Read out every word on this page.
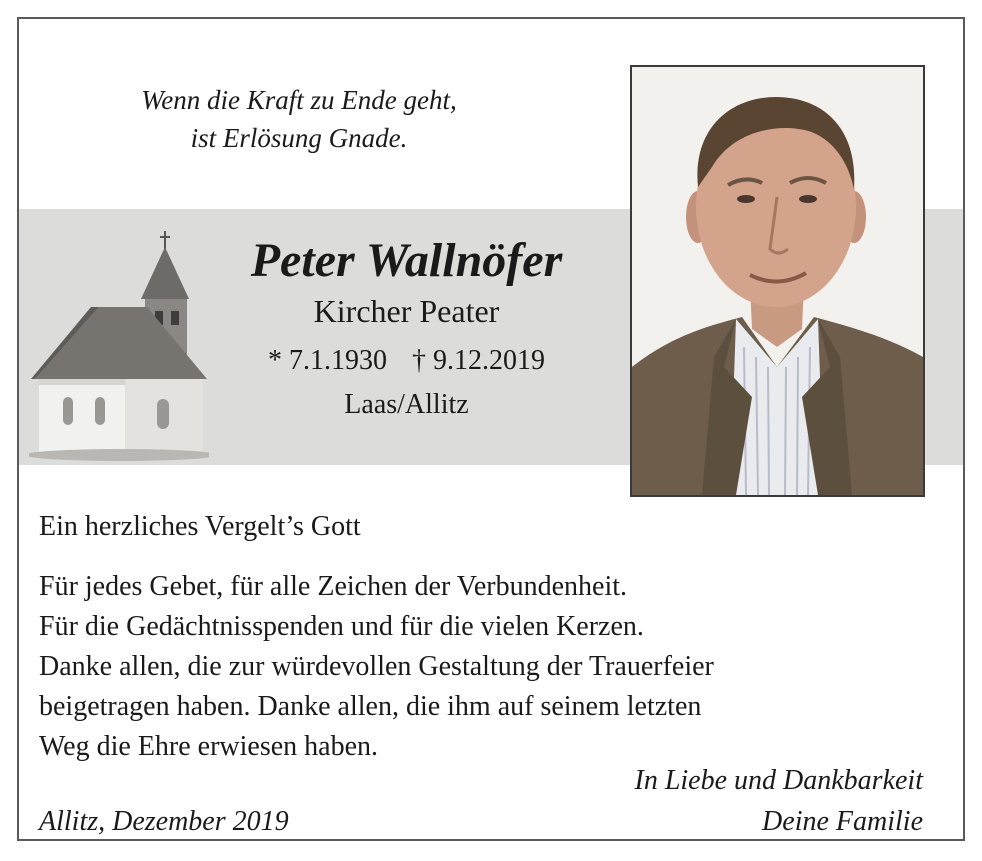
Wenn die Kraft zu Ende geht,
ist Erlösung Gnade.
Peter Wallnöfer
Kircher Peater
* 7.1.1930 † 9.12.2019
Laas/Allitz
Ein herzliches Vergelt’s Gott
Für jedes Gebet, für alle Zeichen der Verbundenheit.
Für die Gedächtnisspenden und für die vielen Kerzen.
Danke allen, die zur würdevollen Gestaltung der Trauerfeier
beigetragen haben. Danke allen, die ihm auf seinem letzten
Weg die Ehre erwiesen haben.
In Liebe und Dankbarkeit
Deine Familie
Allitz, Dezember 2019
